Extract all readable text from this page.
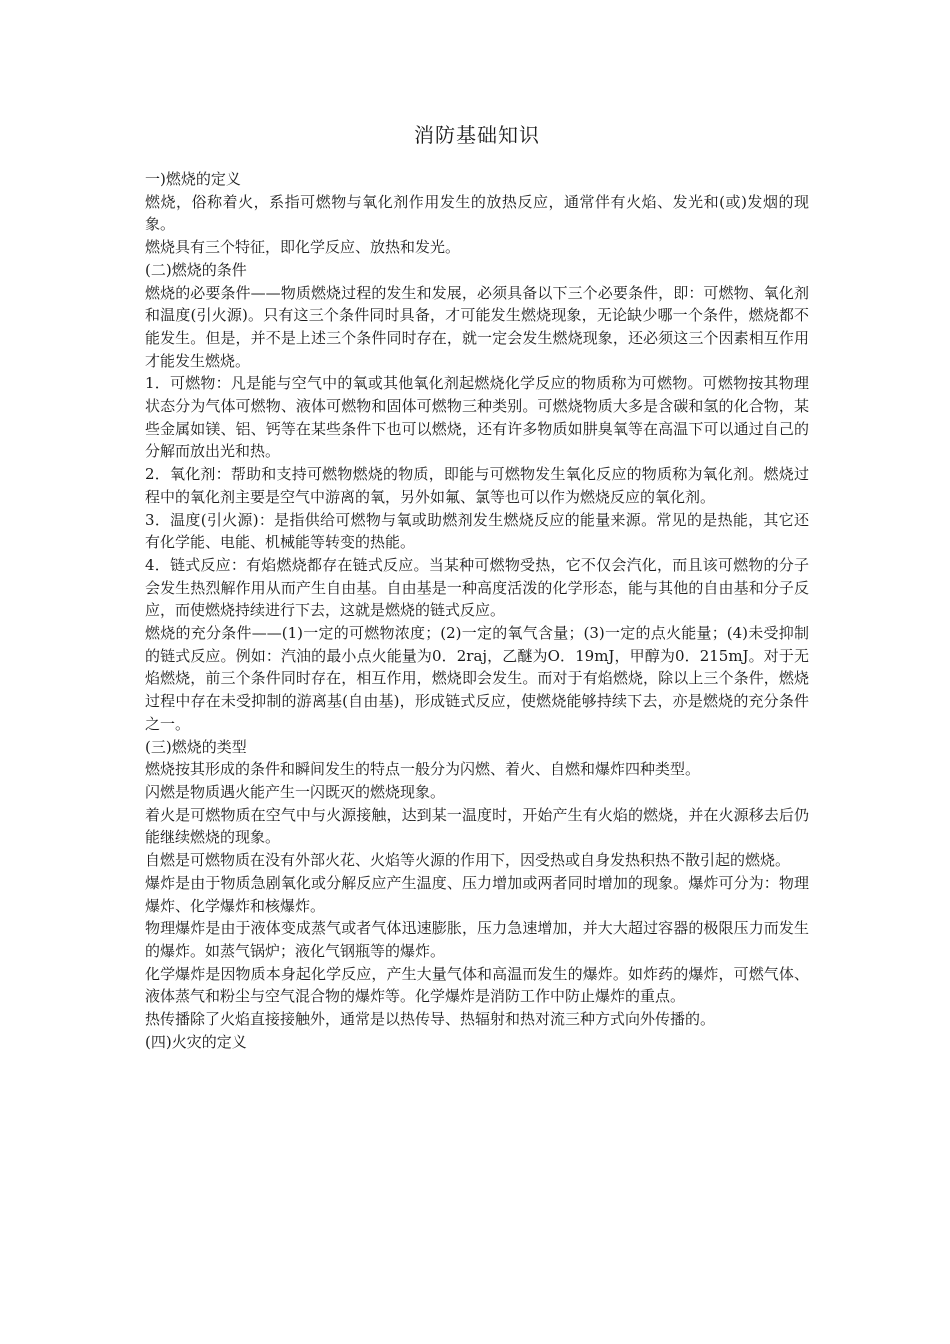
消防基础知识

一)燃烧的定义

燃烧，俗称着火，系指可燃物与氧化剂作用发生的放热反应，通常伴有火焰、发光和(或)发烟的现象。

燃烧具有三个特征，即化学反应、放热和发光。

(二)燃烧的条件

燃烧的必要条件——物质燃烧过程的发生和发展，必须具备以下三个必要条件，即：可燃物、氧化剂和温度(引火源)。只有这三个条件同时具备，才可能发生燃烧现象，无论缺少哪一个条件，燃烧都不能发生。但是，并不是上述三个条件同时存在，就一定会发生燃烧现象，还必须这三个因素相互作用才能发生燃烧。

1．可燃物：凡是能与空气中的氧或其他氧化剂起燃烧化学反应的物质称为可燃物。可燃物按其物理状态分为气体可燃物、液体可燃物和固体可燃物三种类别。可燃烧物质大多是含碳和氢的化合物，某些金属如镁、铝、钙等在某些条件下也可以燃烧，还有许多物质如肼臭氧等在高温下可以通过自己的分解而放出光和热。

2．氧化剂：帮助和支持可燃物燃烧的物质，即能与可燃物发生氧化反应的物质称为氧化剂。燃烧过程中的氧化剂主要是空气中游离的氧，另外如氟、氯等也可以作为燃烧反应的氧化剂。

3．温度(引火源)：是指供给可燃物与氧或助燃剂发生燃烧反应的能量来源。常见的是热能，其它还有化学能、电能、机械能等转变的热能。

4．链式反应：有焰燃烧都存在链式反应。当某种可燃物受热，它不仅会汽化，而且该可燃物的分子会发生热烈解作用从而产生自由基。自由基是一种高度活泼的化学形态，能与其他的自由基和分子反应，而使燃烧持续进行下去，这就是燃烧的链式反应。

燃烧的充分条件——(1)一定的可燃物浓度；(2)一定的氧气含量；(3)一定的点火能量；(4)未受抑制的链式反应。例如：汽油的最小点火能量为0．2raj，乙醚为O．19mJ，甲醇为0．215mJ。对于无焰燃烧，前三个条件同时存在，相互作用，燃烧即会发生。而对于有焰燃烧，除以上三个条件，燃烧过程中存在未受抑制的游离基(自由基)，形成链式反应，使燃烧能够持续下去，亦是燃烧的充分条件之一。

(三)燃烧的类型

燃烧按其形成的条件和瞬间发生的特点一般分为闪燃、着火、自燃和爆炸四种类型。

闪燃是物质遇火能产生一闪既灭的燃烧现象。

着火是可燃物质在空气中与火源接触，达到某一温度时，开始产生有火焰的燃烧，并在火源移去后仍能继续燃烧的现象。

自燃是可燃物质在没有外部火花、火焰等火源的作用下，因受热或自身发热积热不散引起的燃烧。

爆炸是由于物质急剧氧化或分解反应产生温度、压力增加或两者同时增加的现象。爆炸可分为：物理爆炸、化学爆炸和核爆炸。

物理爆炸是由于液体变成蒸气或者气体迅速膨胀，压力急速增加，并大大超过容器的极限压力而发生的爆炸。如蒸气锅炉；液化气钢瓶等的爆炸。

化学爆炸是因物质本身起化学反应，产生大量气体和高温而发生的爆炸。如炸药的爆炸，可燃气体、液体蒸气和粉尘与空气混合物的爆炸等。化学爆炸是消防工作中防止爆炸的重点。

热传播除了火焰直接接触外，通常是以热传导、热辐射和热对流三种方式向外传播的。

(四)火灾的定义
